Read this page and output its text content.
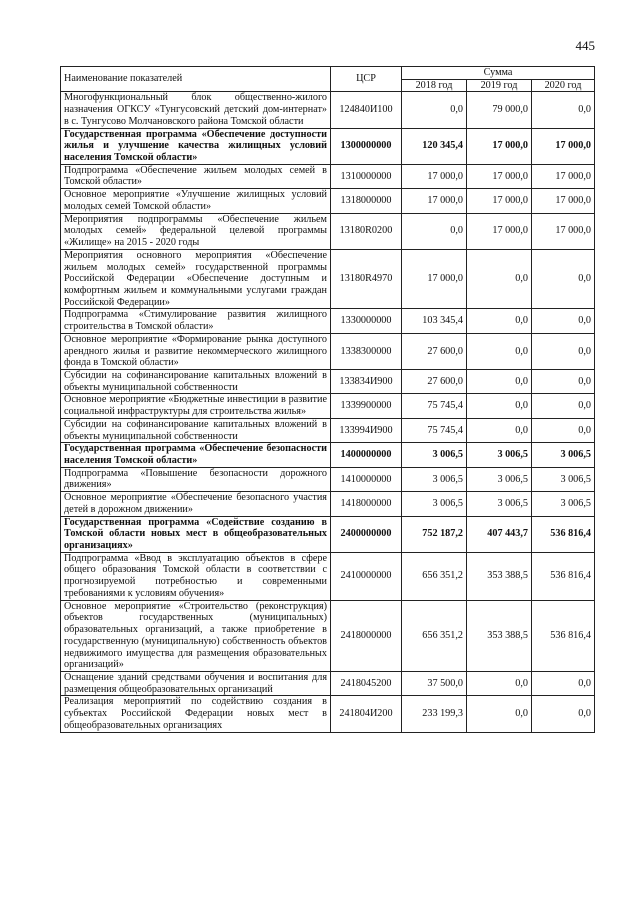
445
Наименование показателей	ЦСР	Сумма		
		2018 год	2019 год	2020 год
Многофункциональный блок общественно-жилого назначения ОГКСУ «Тунгусовский детский дом-интернат» в с. Тунгусово Молчановского района Томской области	124840И100	0,0	79 000,0	0,0
Государственная программа «Обеспечение доступности жилья и улучшение качества жилищных условий населения Томской области»	1300000000	120 345,4	17 000,0	17 000,0
Подпрограмма «Обеспечение жильем молодых семей в Томской области»	1310000000	17 000,0	17 000,0	17 000,0
Основное мероприятие «Улучшение жилищных условий молодых семей Томской области»	1318000000	17 000,0	17 000,0	17 000,0
Мероприятия подпрограммы «Обеспечение жильем молодых семей» федеральной целевой программы «Жилище» на 2015 - 2020 годы	13180R0200	0,0	17 000,0	17 000,0
Мероприятия основного мероприятия «Обеспечение жильем молодых семей» государственной программы Российской Федерации «Обеспечение доступным и комфортным жильем и коммунальными услугами граждан Российской Федерации»	13180R4970	17 000,0	0,0	0,0
Подпрограмма «Стимулирование развития жилищного строительства в Томской области»	1330000000	103 345,4	0,0	0,0
Основное мероприятие «Формирование рынка доступного арендного жилья и развитие некоммерческого жилищного фонда в Томской области»	1338300000	27 600,0	0,0	0,0
Субсидии на софинансирование капитальных вложений в объекты муниципальной собственности	133834И900	27 600,0	0,0	0,0
Основное мероприятие «Бюджетные инвестиции в развитие социальной инфраструктуры для строительства жилья»	1339900000	75 745,4	0,0	0,0
Субсидии на софинансирование капитальных вложений в объекты муниципальной собственности	133994И900	75 745,4	0,0	0,0
Государственная программа «Обеспечение безопасности населения Томской области»	1400000000	3 006,5	3 006,5	3 006,5
Подпрограмма «Повышение безопасности дорожного движения»	1410000000	3 006,5	3 006,5	3 006,5
Основное мероприятие «Обеспечение безопасного участия детей в дорожном движении»	1418000000	3 006,5	3 006,5	3 006,5
Государственная программа «Содействие созданию в Томской области новых мест в общеобразовательных организациях»	2400000000	752 187,2	407 443,7	536 816,4
Подпрограмма «Ввод в эксплуатацию объектов в сфере общего образования Томской области в соответствии с прогнозируемой потребностью и современными требованиями к условиям обучения»	2410000000	656 351,2	353 388,5	536 816,4
Основное мероприятие «Строительство (реконструкция) объектов государственных (муниципальных) образовательных организаций, а также приобретение в государственную (муниципальную) собственность объектов недвижимого имущества для размещения образовательных организаций»	2418000000	656 351,2	353 388,5	536 816,4
Оснащение зданий средствами обучения и воспитания для размещения общеобразовательных организаций	2418045200	37 500,0	0,0	0,0
Реализация мероприятий по содействию создания в субъектах Российской Федерации новых мест в общеобразовательных организациях	241804И200	233 199,3	0,0	0,0
